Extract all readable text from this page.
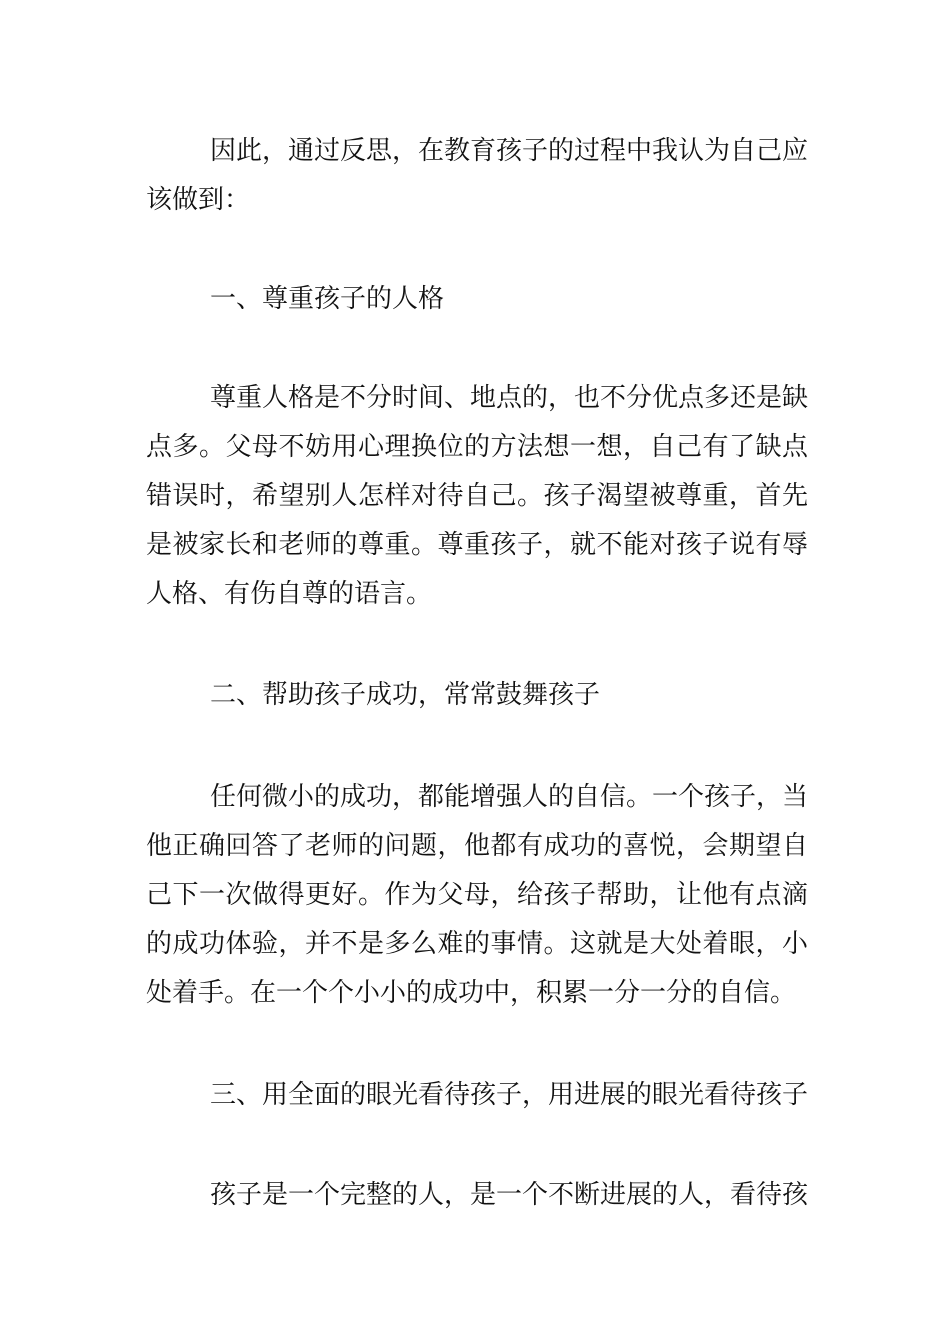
因此，通过反思，在教育孩子的过程中我认为自己应该做到：

一、尊重孩子的人格

尊重人格是不分时间、地点的，也不分优点多还是缺点多。父母不妨用心理换位的方法想一想，自己有了缺点错误时，希望别人怎样对待自己。孩子渴望被尊重，首先是被家长和老师的尊重。尊重孩子，就不能对孩子说有辱人格、有伤自尊的语言。

二、帮助孩子成功，常常鼓舞孩子

任何微小的成功，都能增强人的自信。一个孩子，当他正确回答了老师的问题，他都有成功的喜悦，会期望自己下一次做得更好。作为父母，给孩子帮助，让他有点滴的成功体验，并不是多么难的事情。这就是大处着眼，小处着手。在一个个小小的成功中，积累一分一分的自信。

三、用全面的眼光看待孩子，用进展的眼光看待孩子

孩子是一个完整的人，是一个不断进展的人，看待孩
